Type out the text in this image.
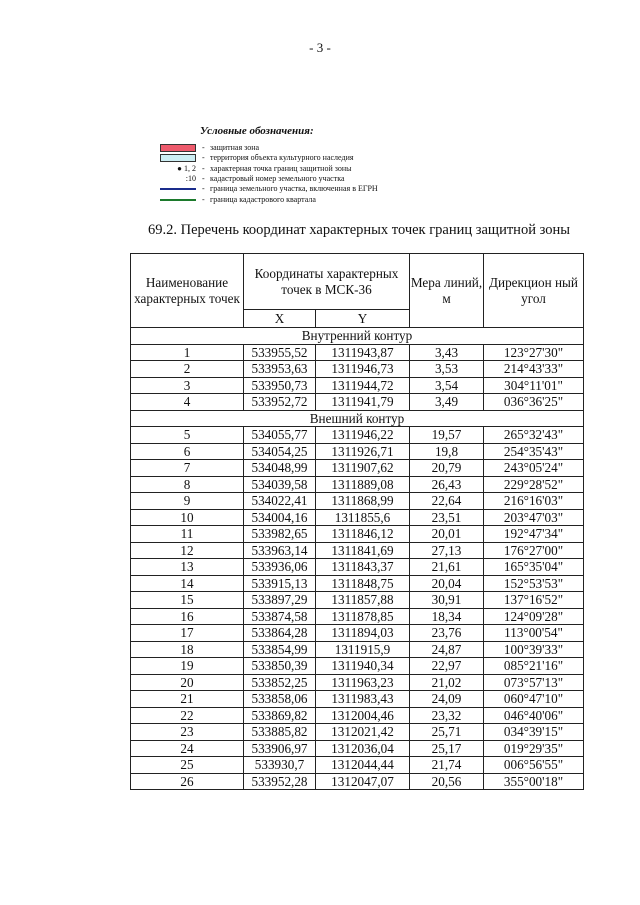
- 3 -
Условные обозначения:
- защитная зона
- территория объекта культурного наследия
● 1, 2 - характерная точка границ защитной зоны
:10 - кадастровый номер земельного участка
- граница земельного участка, включенная в ЕГРН
- граница кадастрового квартала
69.2. Перечень координат характерных точек границ защитной зоны
Наименование характерных точек	Координаты характерных точек в МСК-36		Мера линий, м	Дирекцион ный угол
	X	Y		
Внутренний контур				
1	533955,52	1311943,87	3,43	123°27'30"
2	533953,63	1311946,73	3,53	214°43'33"
3	533950,73	1311944,72	3,54	304°11'01"
4	533952,72	1311941,79	3,49	036°36'25"
Внешний контур				
5	534055,77	1311946,22	19,57	265°32'43"
6	534054,25	1311926,71	19,8	254°35'43"
7	534048,99	1311907,62	20,79	243°05'24"
8	534039,58	1311889,08	26,43	229°28'52"
9	534022,41	1311868,99	22,64	216°16'03"
10	534004,16	1311855,6	23,51	203°47'03"
11	533982,65	1311846,12	20,01	192°47'34"
12	533963,14	1311841,69	27,13	176°27'00"
13	533936,06	1311843,37	21,61	165°35'04"
14	533915,13	1311848,75	20,04	152°53'53"
15	533897,29	1311857,88	30,91	137°16'52"
16	533874,58	1311878,85	18,34	124°09'28"
17	533864,28	1311894,03	23,76	113°00'54"
18	533854,99	1311915,9	24,87	100°39'33"
19	533850,39	1311940,34	22,97	085°21'16"
20	533852,25	1311963,23	21,02	073°57'13"
21	533858,06	1311983,43	24,09	060°47'10"
22	533869,82	1312004,46	23,32	046°40'06"
23	533885,82	1312021,42	25,71	034°39'15"
24	533906,97	1312036,04	25,17	019°29'35"
25	533930,7	1312044,44	21,74	006°56'55"
26	533952,28	1312047,07	20,56	355°00'18"
